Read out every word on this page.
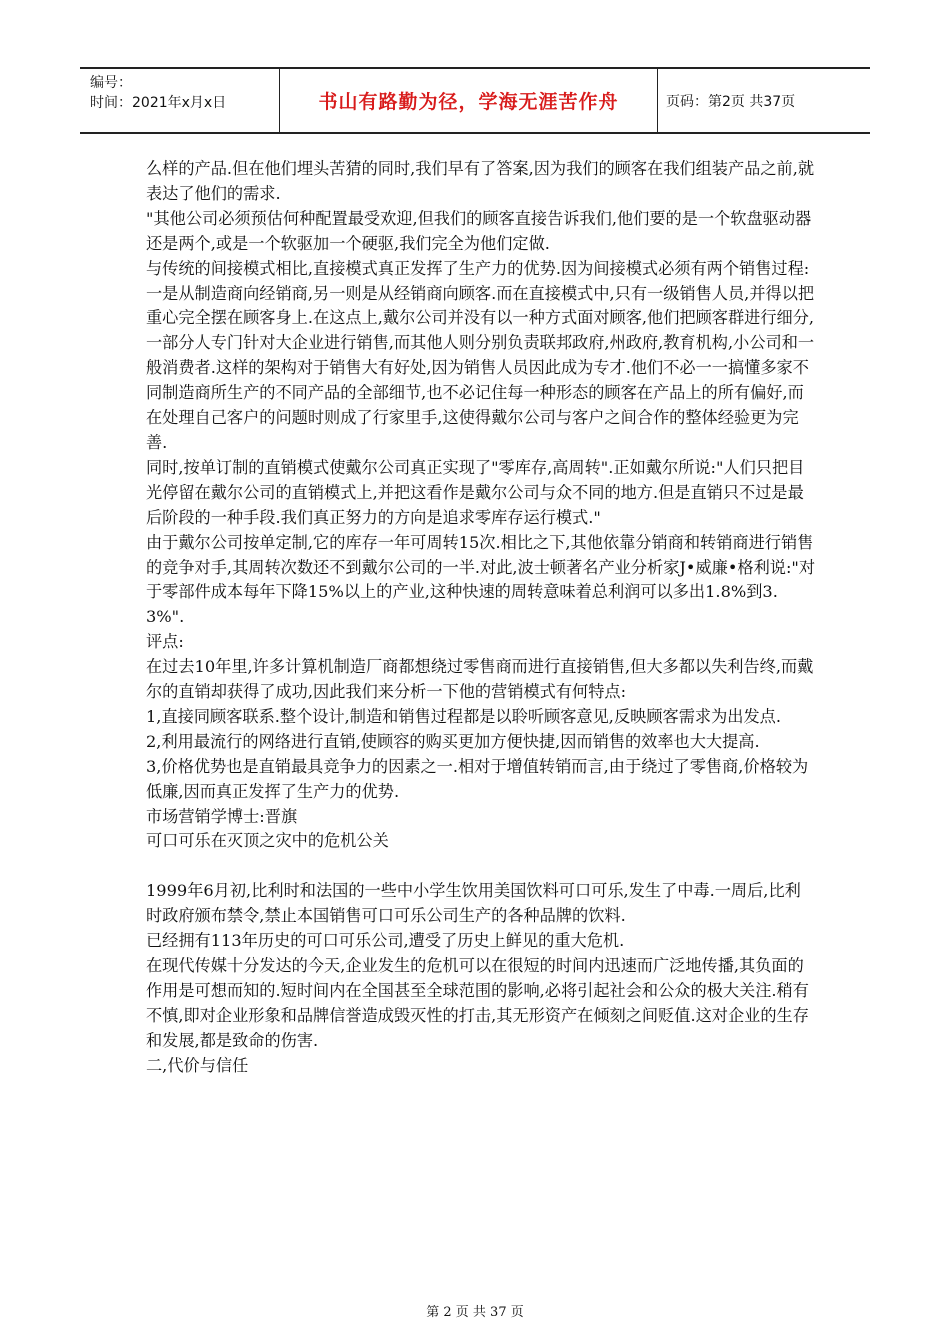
编号：
时间：2021年x月x日	书山有路勤为径，学海无涯苦作舟	页码：第2页 共37页

么样的产品.但在他们埋头苦猜的同时,我们早有了答案,因为我们的顾客在我们组装产品之前,就表达了他们的需求.

"其他公司必须预估何种配置最受欢迎,但我们的顾客直接告诉我们,他们要的是一个软盘驱动器还是两个,或是一个软驱加一个硬驱,我们完全为他们定做.

与传统的间接模式相比,直接模式真正发挥了生产力的优势.因为间接模式必须有两个销售过程:一是从制造商向经销商,另一则是从经销商向顾客.而在直接模式中,只有一级销售人员,并得以把重心完全摆在顾客身上.在这点上,戴尔公司并没有以一种方式面对顾客,他们把顾客群进行细分,一部分人专门针对大企业进行销售,而其他人则分别负责联邦政府,州政府,教育机构,小公司和一般消费者.这样的架构对于销售大有好处,因为销售人员因此成为专才.他们不必一一搞懂多家不同制造商所生产的不同产品的全部细节,也不必记住每一种形态的顾客在产品上的所有偏好,而在处理自己客户的问题时则成了行家里手,这使得戴尔公司与客户之间合作的整体经验更为完善.

同时,按单订制的直销模式使戴尔公司真正实现了"零库存,高周转".正如戴尔所说:"人们只把目光停留在戴尔公司的直销模式上,并把这看作是戴尔公司与众不同的地方.但是直销只不过是最后阶段的一种手段.我们真正努力的方向是追求零库存运行模式."

由于戴尔公司按单定制,它的库存一年可周转15次.相比之下,其他依靠分销商和转销商进行销售的竞争对手,其周转次数还不到戴尔公司的一半.对此,波士顿著名产业分析家J•威廉•格利说:"对于零部件成本每年下降15%以上的产业,这种快速的周转意味着总利润可以多出1.8%到3.3%".

评点:

在过去10年里,许多计算机制造厂商都想绕过零售商而进行直接销售,但大多都以失利告终,而戴尔的直销却获得了成功,因此我们来分析一下他的营销模式有何特点:

1,直接同顾客联系.整个设计,制造和销售过程都是以聆听顾客意见,反映顾客需求为出发点.

2,利用最流行的网络进行直销,使顾容的购买更加方便快捷,因而销售的效率也大大提高.

3,价格优势也是直销最具竞争力的因素之一.相对于增值转销而言,由于绕过了零售商,价格较为低廉,因而真正发挥了生产力的优势.

市场营销学博士:晋旗

可口可乐在灭顶之灾中的危机公关

1999年6月初,比利时和法国的一些中小学生饮用美国饮料可口可乐,发生了中毒.一周后,比利时政府颁布禁令,禁止本国销售可口可乐公司生产的各种品牌的饮料.

已经拥有113年历史的可口可乐公司,遭受了历史上鲜见的重大危机.

在现代传媒十分发达的今天,企业发生的危机可以在很短的时间内迅速而广泛地传播,其负面的作用是可想而知的.短时间内在全国甚至全球范围的影响,必将引起社会和公众的极大关注.稍有不慎,即对企业形象和品牌信誉造成毁灭性的打击,其无形资产在倾刻之间贬值.这对企业的生存和发展,都是致命的伤害.

二,代价与信任

第 2 页 共 37 页
